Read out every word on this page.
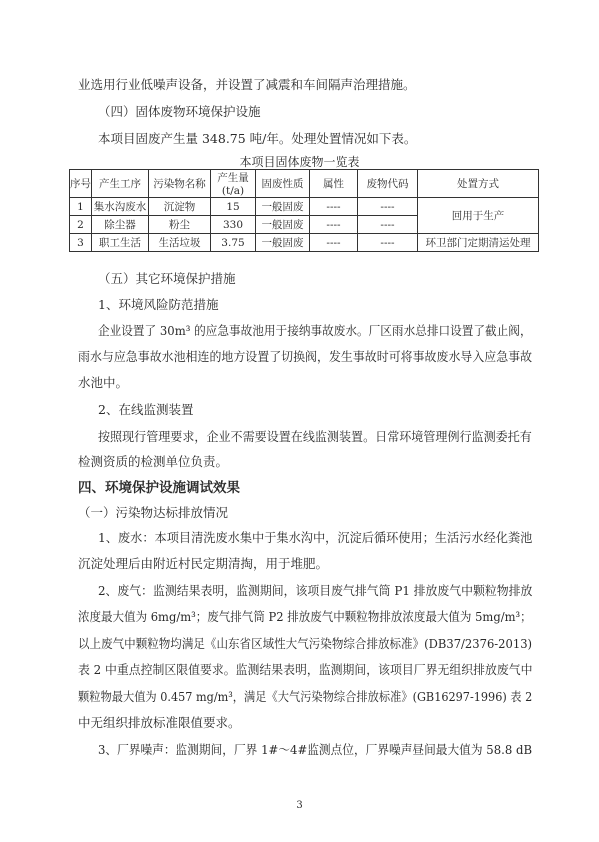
业选用行业低噪声设备，并设置了减震和车间隔声治理措施。
（四）固体废物环境保护设施
本项目固废产生量 348.75 吨/年。处理处置情况如下表。
本项目固体废物一览表
序号	产生工序	污染物名称	产生量(t/a)	固废性质	属性	废物代码	处置方式
1	集水沟废水	沉淀物	15	一般固废	----	----	回用于生产
2	除尘器	粉尘	330	一般固废	----	----	
3	职工生活	生活垃圾	3.75	一般固废	----	----	环卫部门定期清运处理
（五）其它环境保护措施
1、环境风险防范措施
企业设置了 30m³ 的应急事故池用于接纳事故废水。厂区雨水总排口设置了截止阀，
雨水与应急事故水池相连的地方设置了切换阀，发生事故时可将事故废水导入应急事故
水池中。
2、在线监测装置
按照现行管理要求，企业不需要设置在线监测装置。日常环境管理例行监测委托有
检测资质的检测单位负责。
四、环境保护设施调试效果
（一）污染物达标排放情况
1、废水：本项目清洗废水集中于集水沟中，沉淀后循环使用；生活污水经化粪池
沉淀处理后由附近村民定期清掏，用于堆肥。
2、废气：监测结果表明，监测期间，该项目废气排气筒 P1 排放废气中颗粒物排放
浓度最大值为 6mg/m³；废气排气筒 P2 排放废气中颗粒物排放浓度最大值为 5mg/m³；
以上废气中颗粒物均满足《山东省区域性大气污染物综合排放标准》(DB37/2376-2013)
表 2 中重点控制区限值要求。监测结果表明，监测期间，该项目厂界无组织排放废气中
颗粒物最大值为 0.457 mg/m³，满足《大气污染物综合排放标准》(GB16297-1996) 表 2
中无组织排放标准限值要求。
3、厂界噪声：监测期间，厂界 1#～4#监测点位，厂界噪声昼间最大值为 58.8 dB
3
